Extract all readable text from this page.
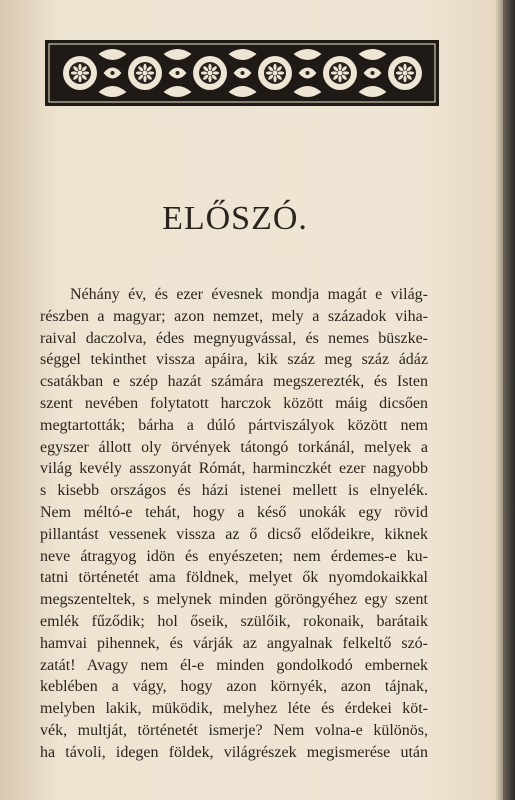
ELŐSZÓ.
Néhány év, és ezer évesnek mondja magát e világ-
részben a magyar; azon nemzet, mely a századok viha-
raival daczolva, édes megnyugvással, és nemes büszke-
séggel tekinthet vissza apáira, kik száz meg száz ádáz
csatákban e szép hazát számára megszerezték, és Isten
szent nevében folytatott harczok között máig dicsően
megtartották; bárha a dúló pártviszályok között nem
egyszer állott oly örvények tátongó torkánál, melyek a
világ kevély asszonyát Rómát, harminczkét ezer nagyobb
s kisebb országos és házi istenei mellett is elnyelék.
Nem méltó-e tehát, hogy a késő unokák egy rövid
pillantást vessenek vissza az ő dicső elődeikre, kiknek
neve átragyog idön és enyészeten; nem érdemes-e ku-
tatni történetét ama földnek, melyet ők nyomdokaikkal
megszenteltek, s melynek minden göröngyéhez egy szent
emlék fűződik; hol őseik, szülőik, rokonaik, barátaik
hamvai pihennek, és várják az angyalnak felkeltő szó-
zatát! Avagy nem él-e minden gondolkodó embernek
keblében a vágy, hogy azon környék, azon tájnak,
melyben lakik, müködik, melyhez léte és érdekei köt-
vék, multját, történetét ismerje? Nem volna-e különös,
ha távoli, idegen földek, világrészek megismerése után
